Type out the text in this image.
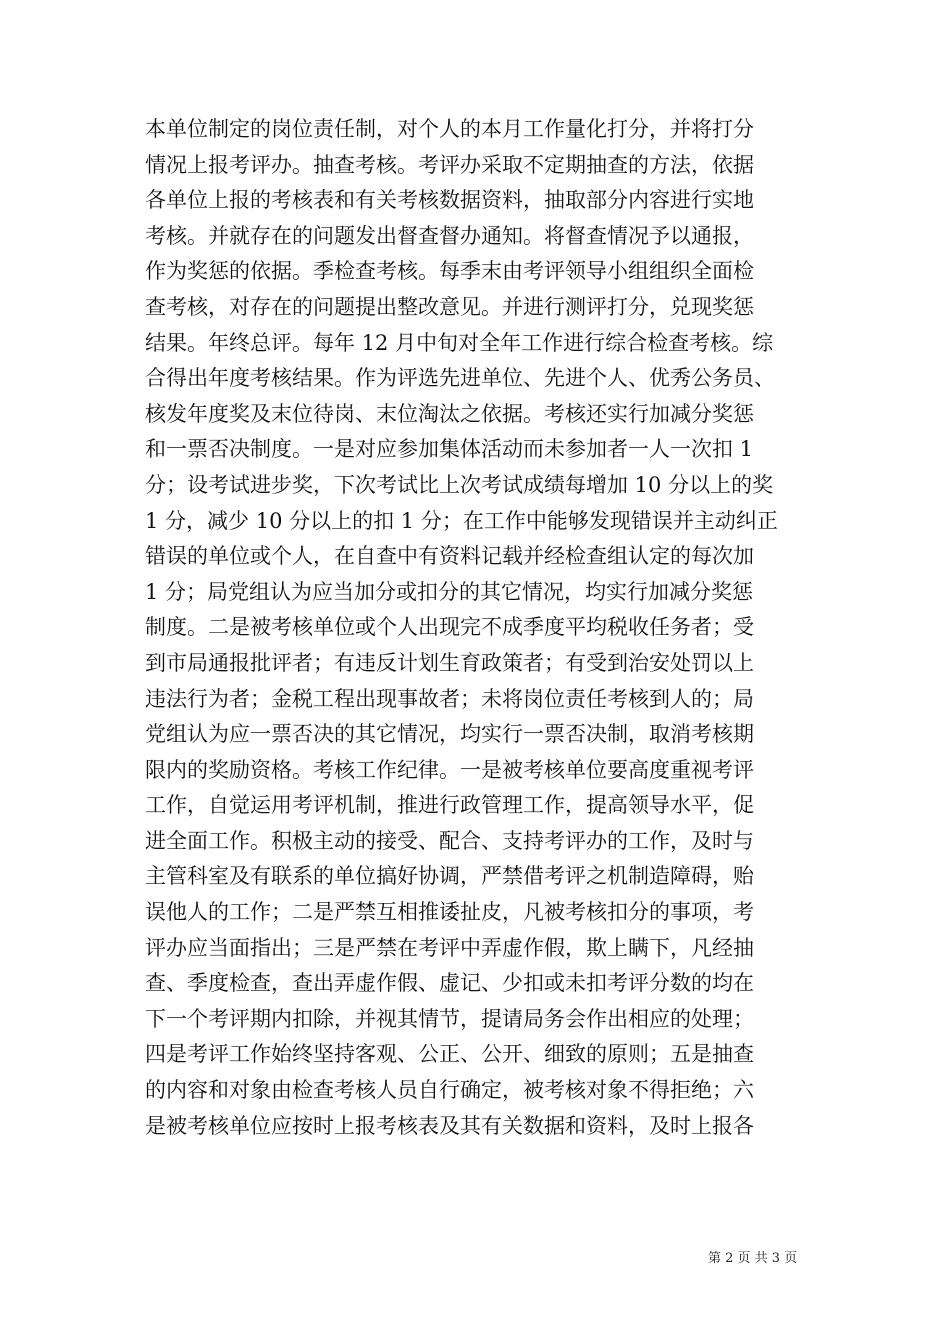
本单位制定的岗位责任制，对个人的本月工作量化打分，并将打分
情况上报考评办。抽查考核。考评办采取不定期抽查的方法，依据
各单位上报的考核表和有关考核数据资料，抽取部分内容进行实地
考核。并就存在的问题发出督查督办通知。将督查情况予以通报，
作为奖惩的依据。季检查考核。每季末由考评领导小组组织全面检
查考核，对存在的问题提出整改意见。并进行测评打分，兑现奖惩
结果。年终总评。每年 12 月中旬对全年工作进行综合检查考核。综
合得出年度考核结果。作为评选先进单位、先进个人、优秀公务员、
核发年度奖及末位待岗、末位淘汰之依据。考核还实行加减分奖惩
和一票否决制度。一是对应参加集体活动而未参加者一人一次扣 1
分；设考试进步奖，下次考试比上次考试成绩每增加 10 分以上的奖
1 分，减少 10 分以上的扣 1 分；在工作中能够发现错误并主动纠正
错误的单位或个人，在自查中有资料记载并经检查组认定的每次加
1 分；局党组认为应当加分或扣分的其它情况，均实行加减分奖惩
制度。二是被考核单位或个人出现完不成季度平均税收任务者；受
到市局通报批评者；有违反计划生育政策者；有受到治安处罚以上
违法行为者；金税工程出现事故者；未将岗位责任考核到人的；局
党组认为应一票否决的其它情况，均实行一票否决制，取消考核期
限内的奖励资格。考核工作纪律。一是被考核单位要高度重视考评
工作，自觉运用考评机制，推进行政管理工作，提高领导水平，促
进全面工作。积极主动的接受、配合、支持考评办的工作，及时与
主管科室及有联系的单位搞好协调，严禁借考评之机制造障碍，贻
误他人的工作；二是严禁互相推诿扯皮，凡被考核扣分的事项，考
评办应当面指出；三是严禁在考评中弄虚作假，欺上瞒下，凡经抽
查、季度检查，查出弄虚作假、虚记、少扣或未扣考评分数的均在
下一个考评期内扣除，并视其情节，提请局务会作出相应的处理；
四是考评工作始终坚持客观、公正、公开、细致的原则；五是抽查
的内容和对象由检查考核人员自行确定，被考核对象不得拒绝；六
是被考核单位应按时上报考核表及其有关数据和资料，及时上报各
第 2 页 共 3 页
